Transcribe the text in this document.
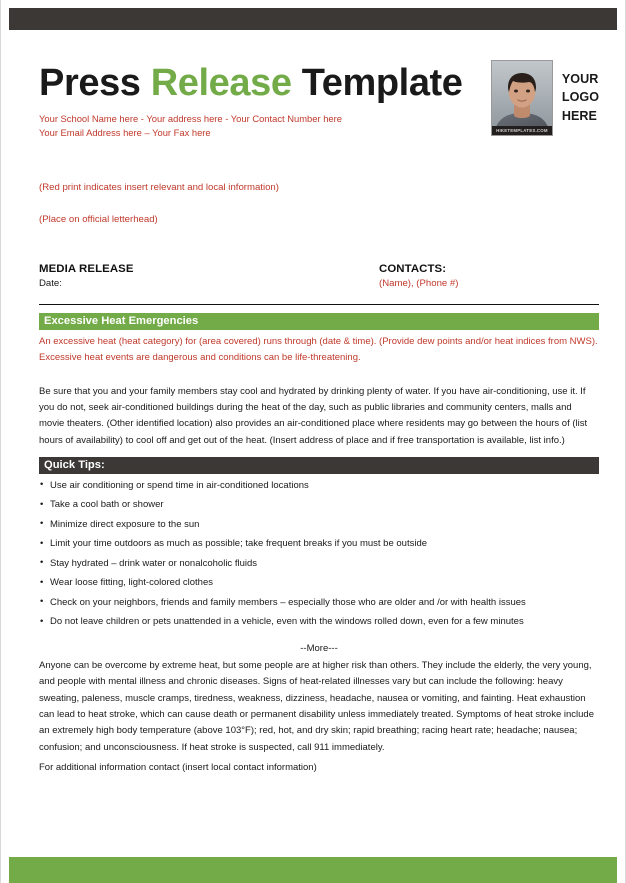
Press Release Template
Your School Name here - Your address here - Your Contact Number here
Your Email Address here – Your Fax here	HIKETEMPLATES.COM
YOUR
LOGO
HERE
(Red print indicates insert relevant and local information)
(Place on official letterhead)
MEDIA RELEASE
Date:
CONTACTS:
(Name), (Phone #)
Excessive Heat Emergencies

An excessive heat (heat category) for (area covered) runs through (date & time). (Provide dew points and/or heat indices from NWS). Excessive heat events are dangerous and conditions can be life-threatening.

Be sure that you and your family members stay cool and hydrated by drinking plenty of water. If you have air-conditioning, use it. If you do not, seek air-conditioned buildings during the heat of the day, such as public libraries and community centers, malls and movie theaters. (Other identified location) also provides an air-conditioned place where residents may go between the hours of (list hours of availability) to cool off and get out of the heat. (Insert address of place and if free transportation is available, list info.)

Quick Tips:
• Use air conditioning or spend time in air-conditioned locations
• Take a cool bath or shower
• Minimize direct exposure to the sun
• Limit your time outdoors as much as possible; take frequent breaks if you must be outside
• Stay hydrated – drink water or nonalcoholic fluids
• Wear loose fitting, light-colored clothes
• Check on your neighbors, friends and family members – especially those who are older and /or with health issues
• Do not leave children or pets unattended in a vehicle, even with the windows rolled down, even for a few minutes

--More---

Anyone can be overcome by extreme heat, but some people are at higher risk than others. They include the elderly, the very young, and people with mental illness and chronic diseases. Signs of heat-related illnesses vary but can include the following: heavy sweating, paleness, muscle cramps, tiredness, weakness, dizziness, headache, nausea or vomiting, and fainting. Heat exhaustion can lead to heat stroke, which can cause death or permanent disability unless immediately treated. Symptoms of heat stroke include an extremely high body temperature (above 103°F); red, hot, and dry skin; rapid breathing; racing heart rate; headache; nausea; confusion; and unconsciousness. If heat stroke is suspected, call 911 immediately.

For additional information contact (insert local contact information)
